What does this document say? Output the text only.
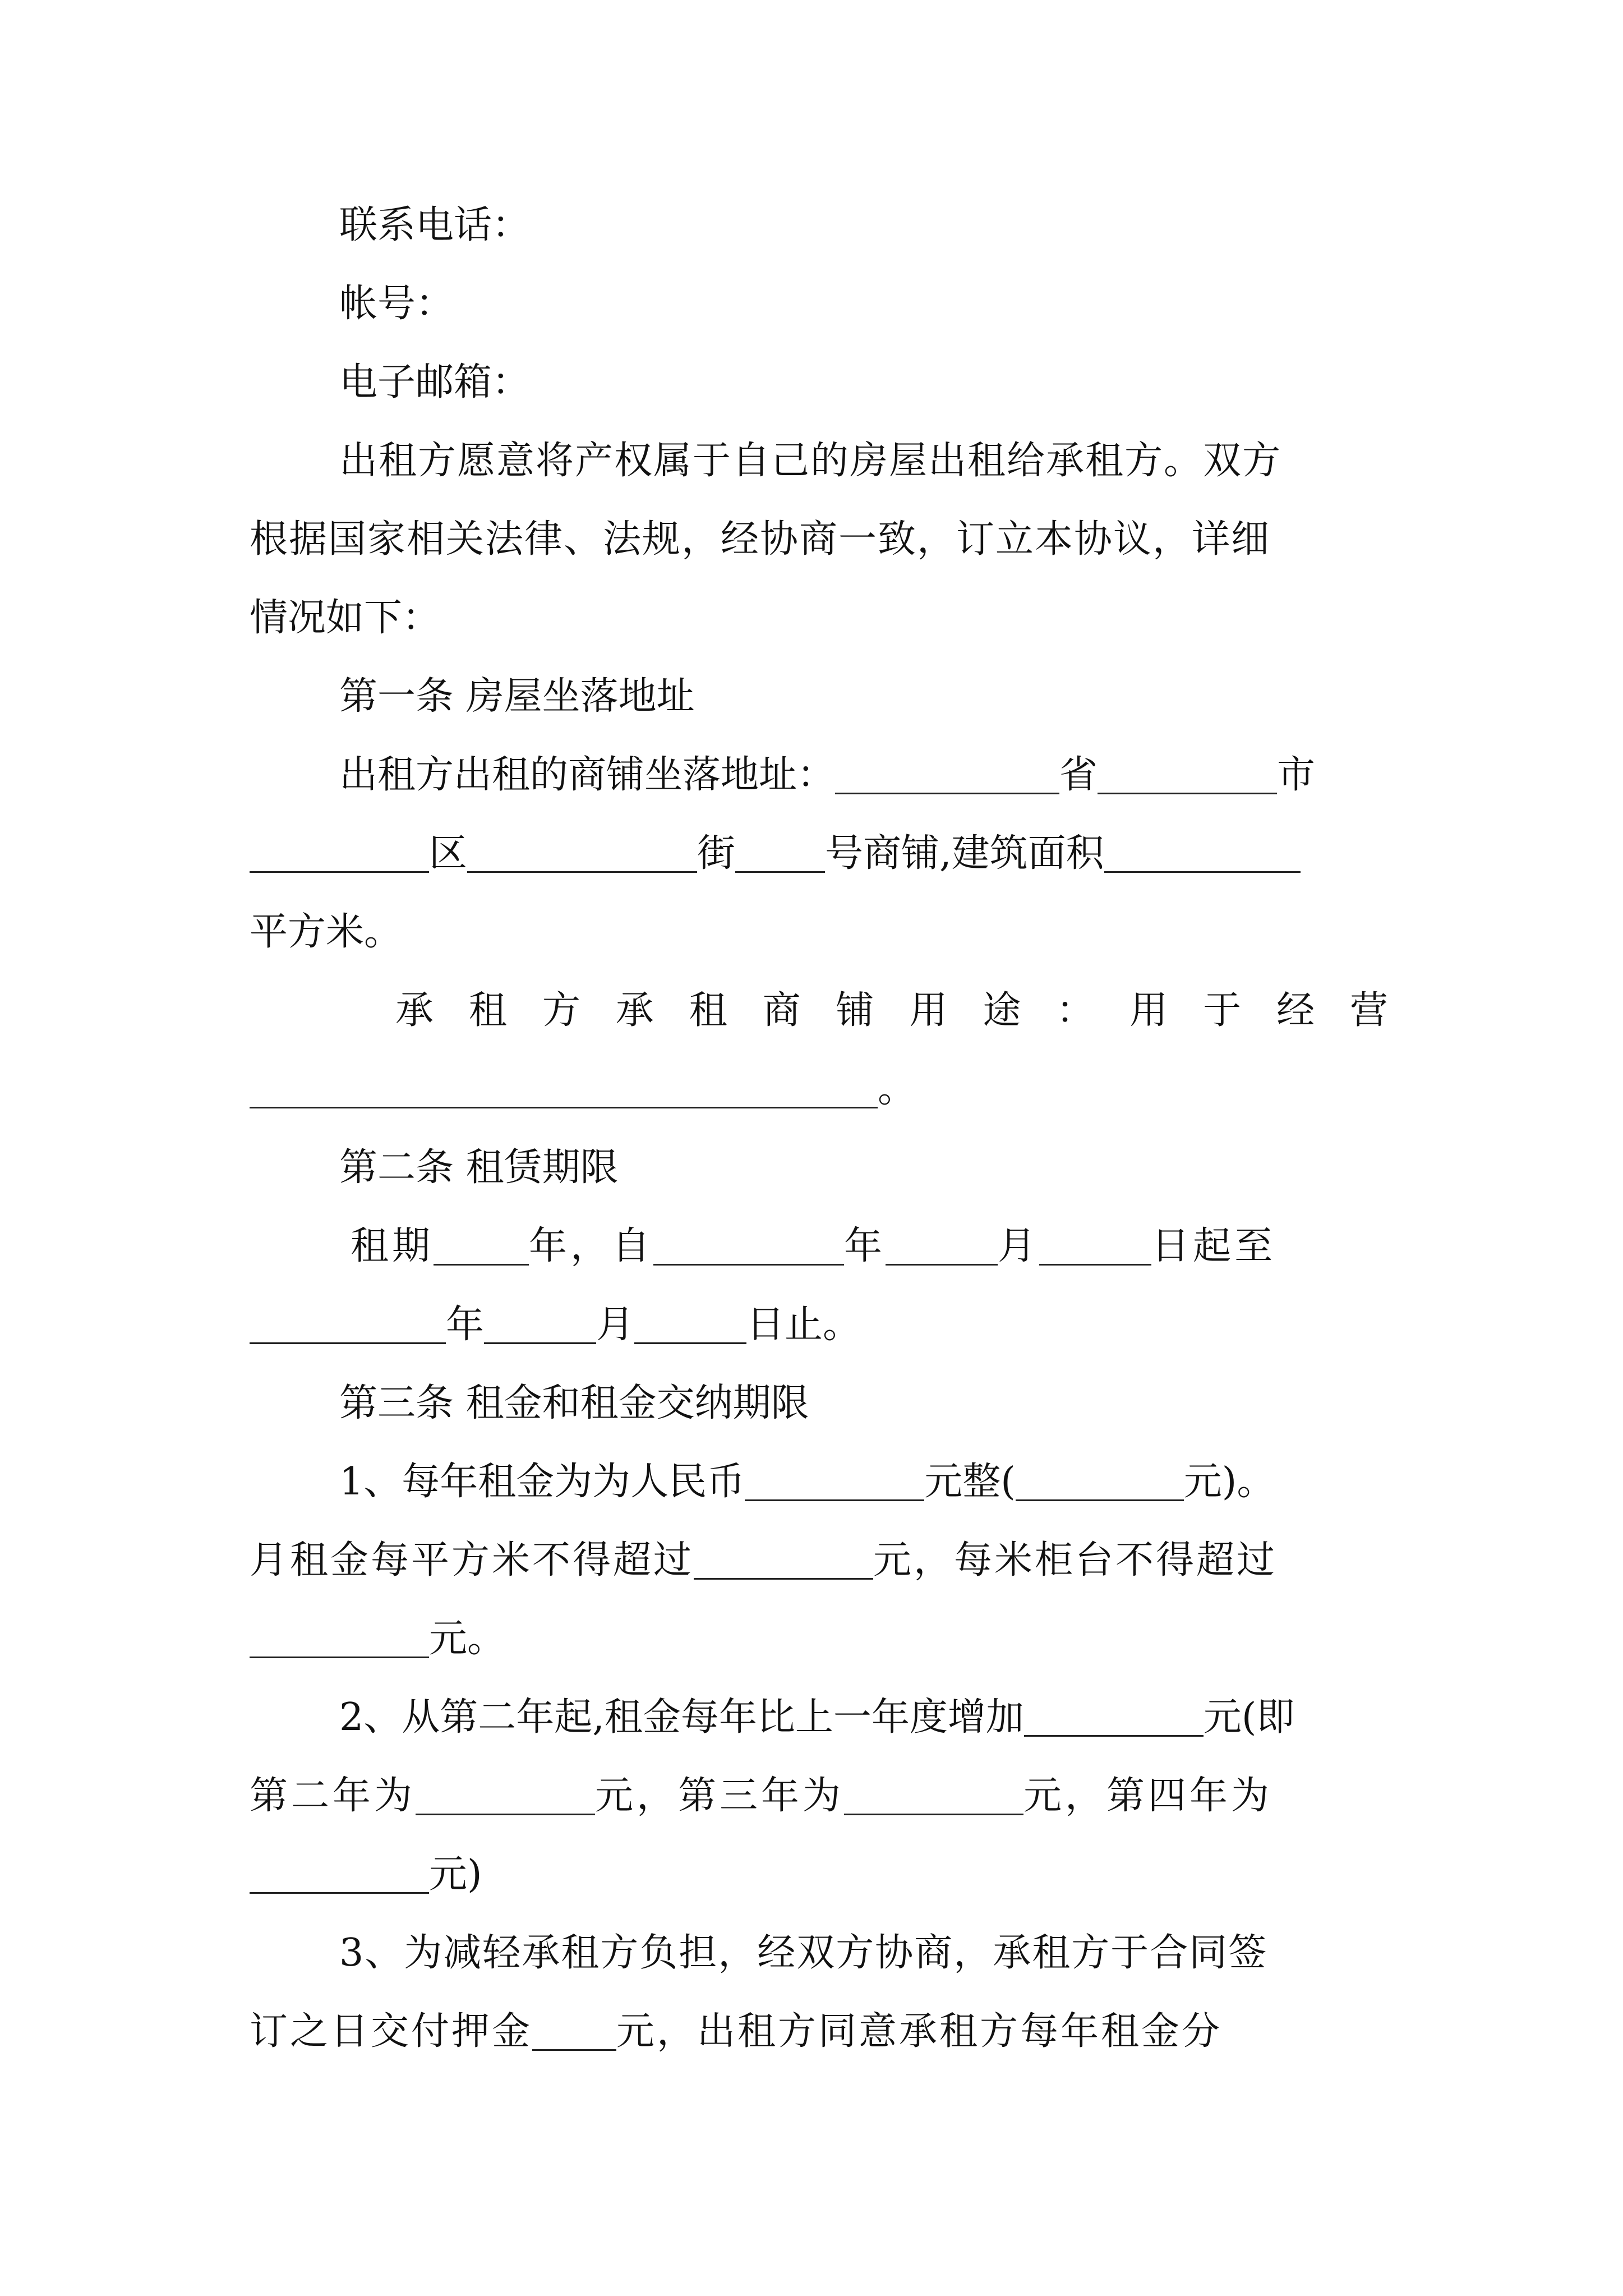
联系电话：

帐号：

电子邮箱：

出租方愿意将产权属于自己的房屋出租给承租方。双方

根据国家相关法律、法规，经协商一致，订立本协议，详细

情况如下：

第一条 房屋坐落地址

出租方出租的商铺坐落地址：	省	市

区	街 号商铺,建筑面积

平方米。

承 租 方 承 租 商 铺 用 途 ： 用 于 经 营

。

第二条 租赁期限

租期	年，自	年	月	日起至

年	月	日止。

第三条 租金和租金交纳期限

1、每年租金为为人民币	元整(	元)。

月租金每平方米不得超过	元，每米柜台不得超过

元。

2、从第二年起,租金每年比上一年度增加	元(即

第二年为	元，第三年为	元，第四年为

元)

3、为减轻承租方负担，经双方协商，承租方于合同签

订之日交付押金 元，出租方同意承租方每年租金分
